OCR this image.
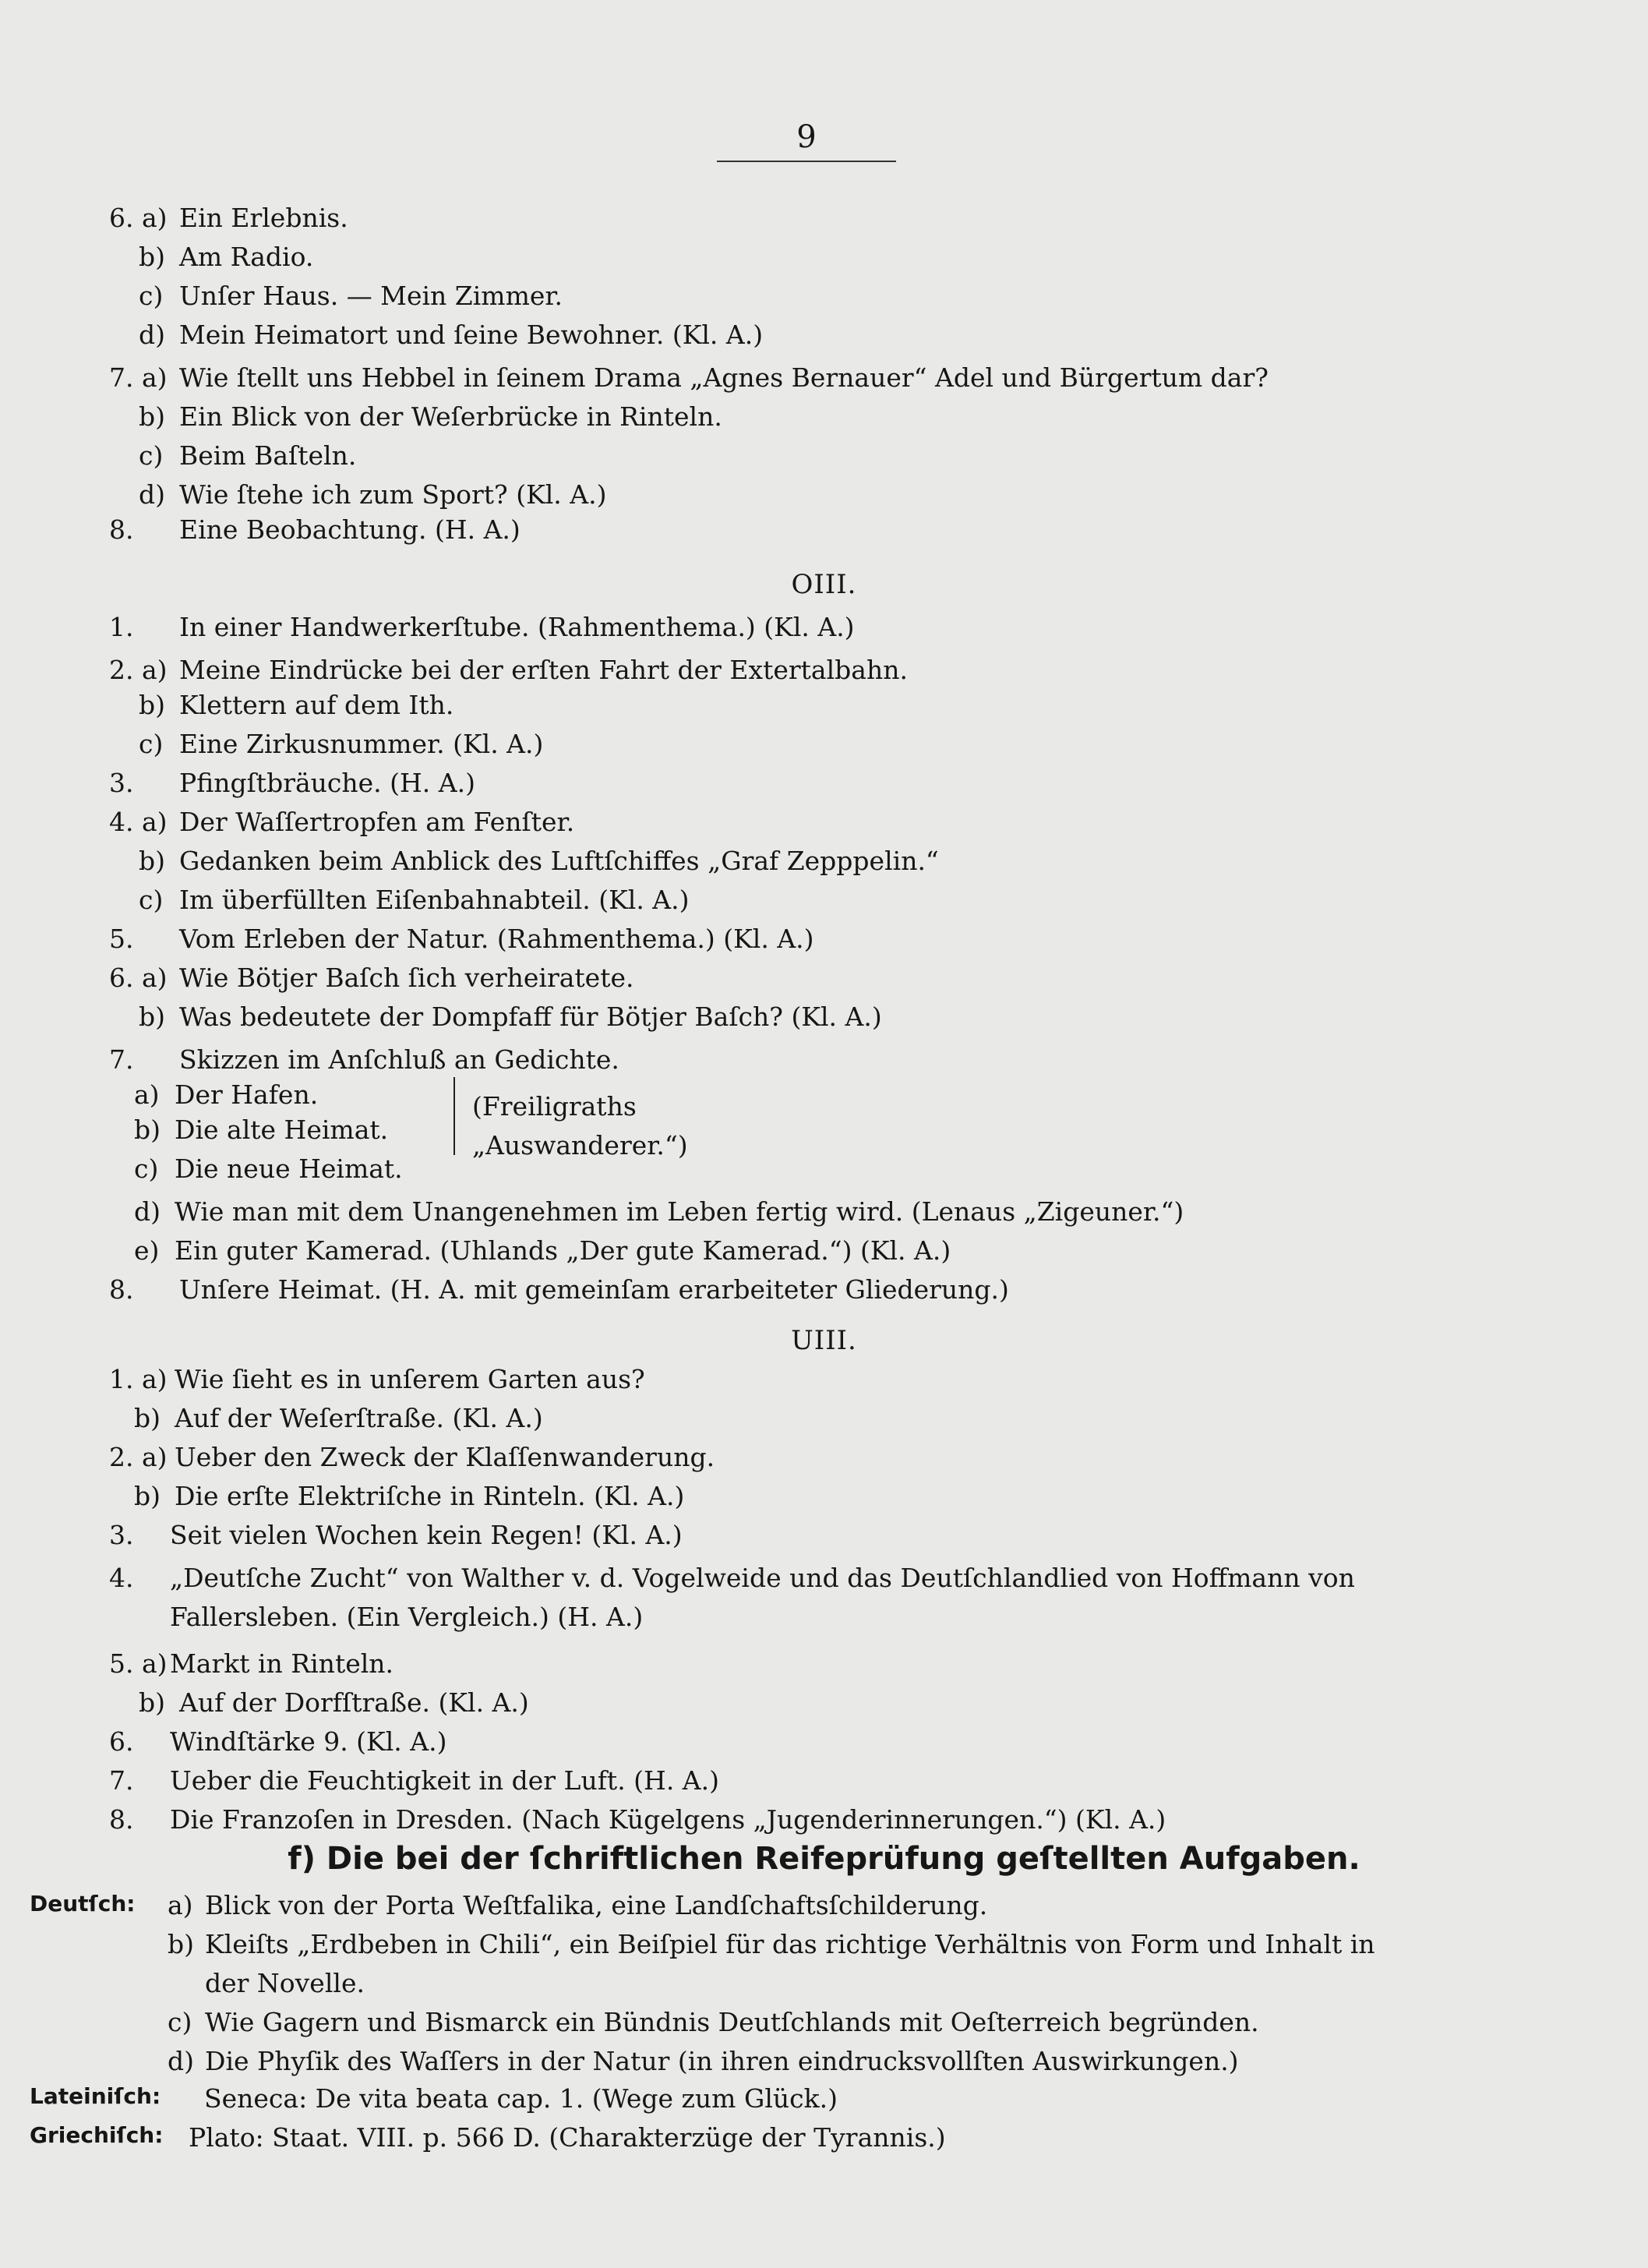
9
6. a) Ein Erlebnis.
b) Am Radio.
c) Unſer Haus. — Mein Zimmer.
d) Mein Heimatort und ſeine Bewohner. (Kl. A.)
7. a) Wie ſtellt uns Hebbel in ſeinem Drama „Agnes Bernauer“ Adel und Bürgertum dar?
b) Ein Blick von der Weſerbrücke in Rinteln.
c) Beim Baſteln.
d) Wie ſtehe ich zum Sport? (Kl. A.)
8. Eine Beobachtung. (H. A.)
OIII.
1. In einer Handwerkerſtube. (Rahmenthema.) (Kl. A.)
2. a) Meine Eindrücke bei der erſten Fahrt der Extertalbahn.
b) Klettern auf dem Ith.
c) Eine Zirkusnummer. (Kl. A.)
3. Pfingſtbräuche. (H. A.)
4. a) Der Waſſertropfen am Fenſter.
b) Gedanken beim Anblick des Luftſchiffes „Graf Zepppelin.“
c) Im überfüllten Eiſenbahnabteil. (Kl. A.)
5. Vom Erleben der Natur. (Rahmenthema.) (Kl. A.)
6. a) Wie Bötjer Baſch ſich verheiratete.
b) Was bedeutete der Dompfaff für Bötjer Baſch? (Kl. A.)
7. Skizzen im Anſchluß an Gedichte.
a) Der Hafen.
b) Die alte Heimat.
c) Die neue Heimat.
(Freiligraths
„Auswanderer.“)
d) Wie man mit dem Unangenehmen im Leben fertig wird. (Lenaus „Zigeuner.“)
e) Ein guter Kamerad. (Uhlands „Der gute Kamerad.“) (Kl. A.)
8. Unſere Heimat. (H. A. mit gemeinſam erarbeiteter Gliederung.)
UIII.
1. a) Wie ſieht es in unſerem Garten aus?
b) Auf der Weſerſtraße. (Kl. A.)
2. a) Ueber den Zweck der Klaſſenwanderung.
b) Die erſte Elektriſche in Rinteln. (Kl. A.)
3. Seit vielen Wochen kein Regen! (Kl. A.)
4. „Deutſche Zucht“ von Walther v. d. Vogelweide und das Deutſchlandlied von Hoffmann von
Fallersleben. (Ein Vergleich.) (H. A.)
5. a) Markt in Rinteln.
b) Auf der Dorfſtraße. (Kl. A.)
6. Windſtärke 9. (Kl. A.)
7. Ueber die Feuchtigkeit in der Luft. (H. A.)
8. Die Franzoſen in Dresden. (Nach Kügelgens „Jugenderinnerungen.“) (Kl. A.)
f) Die bei der ſchriftlichen Reifeprüfung geſtellten Aufgaben.
Deutſch: a) Blick von der Porta Weſtfalika, eine Landſchaftsſchilderung.
b) Kleiſts „Erdbeben in Chili“, ein Beiſpiel für das richtige Verhältnis von Form und Inhalt in
der Novelle.
c) Wie Gagern und Bismarck ein Bündnis Deutſchlands mit Oeſterreich begründen.
d) Die Phyſik des Waſſers in der Natur (in ihren eindrucksvollſten Auswirkungen.)
Lateiniſch: Seneca: De vita beata cap. 1. (Wege zum Glück.)
Griechiſch: Plato: Staat. VIII. p. 566 D. (Charakterzüge der Tyrannis.)
